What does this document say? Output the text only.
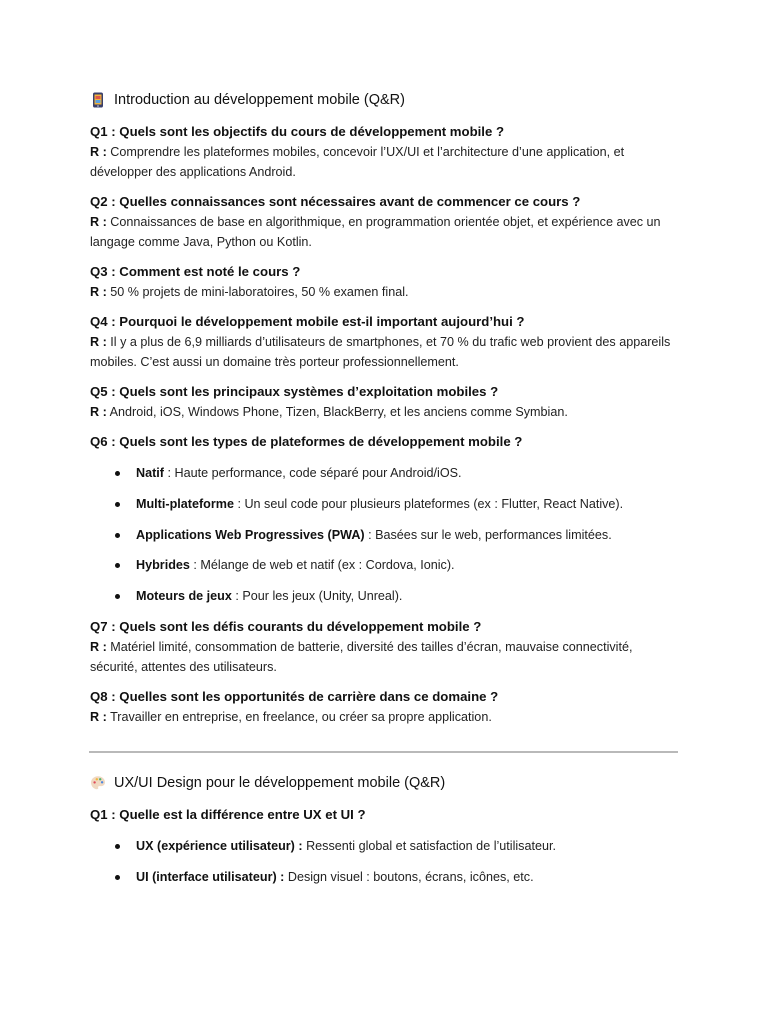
Introduction au développement mobile (Q&R)

Q1 : Quels sont les objectifs du cours de développement mobile ?

R : Comprendre les plateformes mobiles, concevoir l’UX/UI et l’architecture d’une application, et développer des applications Android.

Q2 : Quelles connaissances sont nécessaires avant de commencer ce cours ?

R : Connaissances de base en algorithmique, en programmation orientée objet, et expérience avec un langage comme Java, Python ou Kotlin.

Q3 : Comment est noté le cours ?

R : 50 % projets de mini-laboratoires, 50 % examen final.

Q4 : Pourquoi le développement mobile est-il important aujourd’hui ?

R : Il y a plus de 6,9 milliards d’utilisateurs de smartphones, et 70 % du trafic web provient des appareils mobiles. C’est aussi un domaine très porteur professionnellement.

Q5 : Quels sont les principaux systèmes d’exploitation mobiles ?

R : Android, iOS, Windows Phone, Tizen, BlackBerry, et les anciens comme Symbian.

Q6 : Quels sont les types de plateformes de développement mobile ?

Natif : Haute performance, code séparé pour Android/iOS.
Multi-plateforme : Un seul code pour plusieurs plateformes (ex : Flutter, React Native).
Applications Web Progressives (PWA) : Basées sur le web, performances limitées.
Hybrides : Mélange de web et natif (ex : Cordova, Ionic).
Moteurs de jeux : Pour les jeux (Unity, Unreal).

Q7 : Quels sont les défis courants du développement mobile ?

R : Matériel limité, consommation de batterie, diversité des tailles d’écran, mauvaise connectivité, sécurité, attentes des utilisateurs.

Q8 : Quelles sont les opportunités de carrière dans ce domaine ?

R : Travailler en entreprise, en freelance, ou créer sa propre application.

UX/UI Design pour le développement mobile (Q&R)

Q1 : Quelle est la différence entre UX et UI ?

UX (expérience utilisateur) : Ressenti global et satisfaction de l’utilisateur.
UI (interface utilisateur) : Design visuel : boutons, écrans, icônes, etc.
